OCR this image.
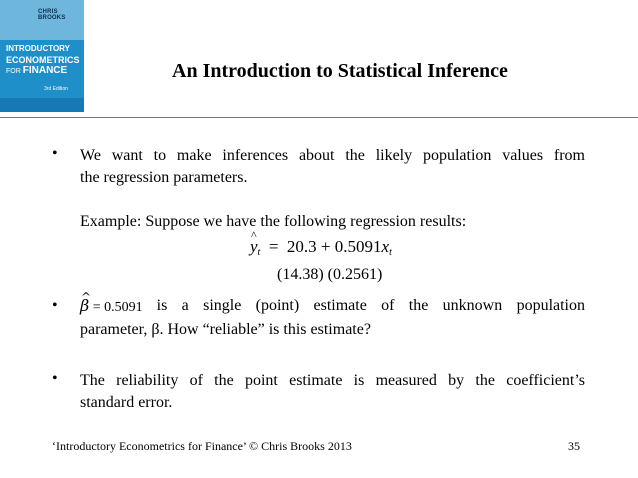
CHRIS BROOKS
INTRODUCTORY
ECONOMETRICS
FOR FINANCE
3rd Edition
An Introduction to Statistical Inference
• We want to make inferences about the likely population values from
the regression parameters.
Example: Suppose we have the following regression results:
^ $y_t = 20.3 + 0.5091x_t$
(14.38) (0.2561)
•
^ β = 0.5091 is a single (point) estimate of the unknown population
parameter, β. How “reliable” is this estimate?
• The reliability of the point estimate is measured by the coefficient’s
standard error.
‘Introductory Econometrics for Finance’ © Chris Brooks 2013	35
